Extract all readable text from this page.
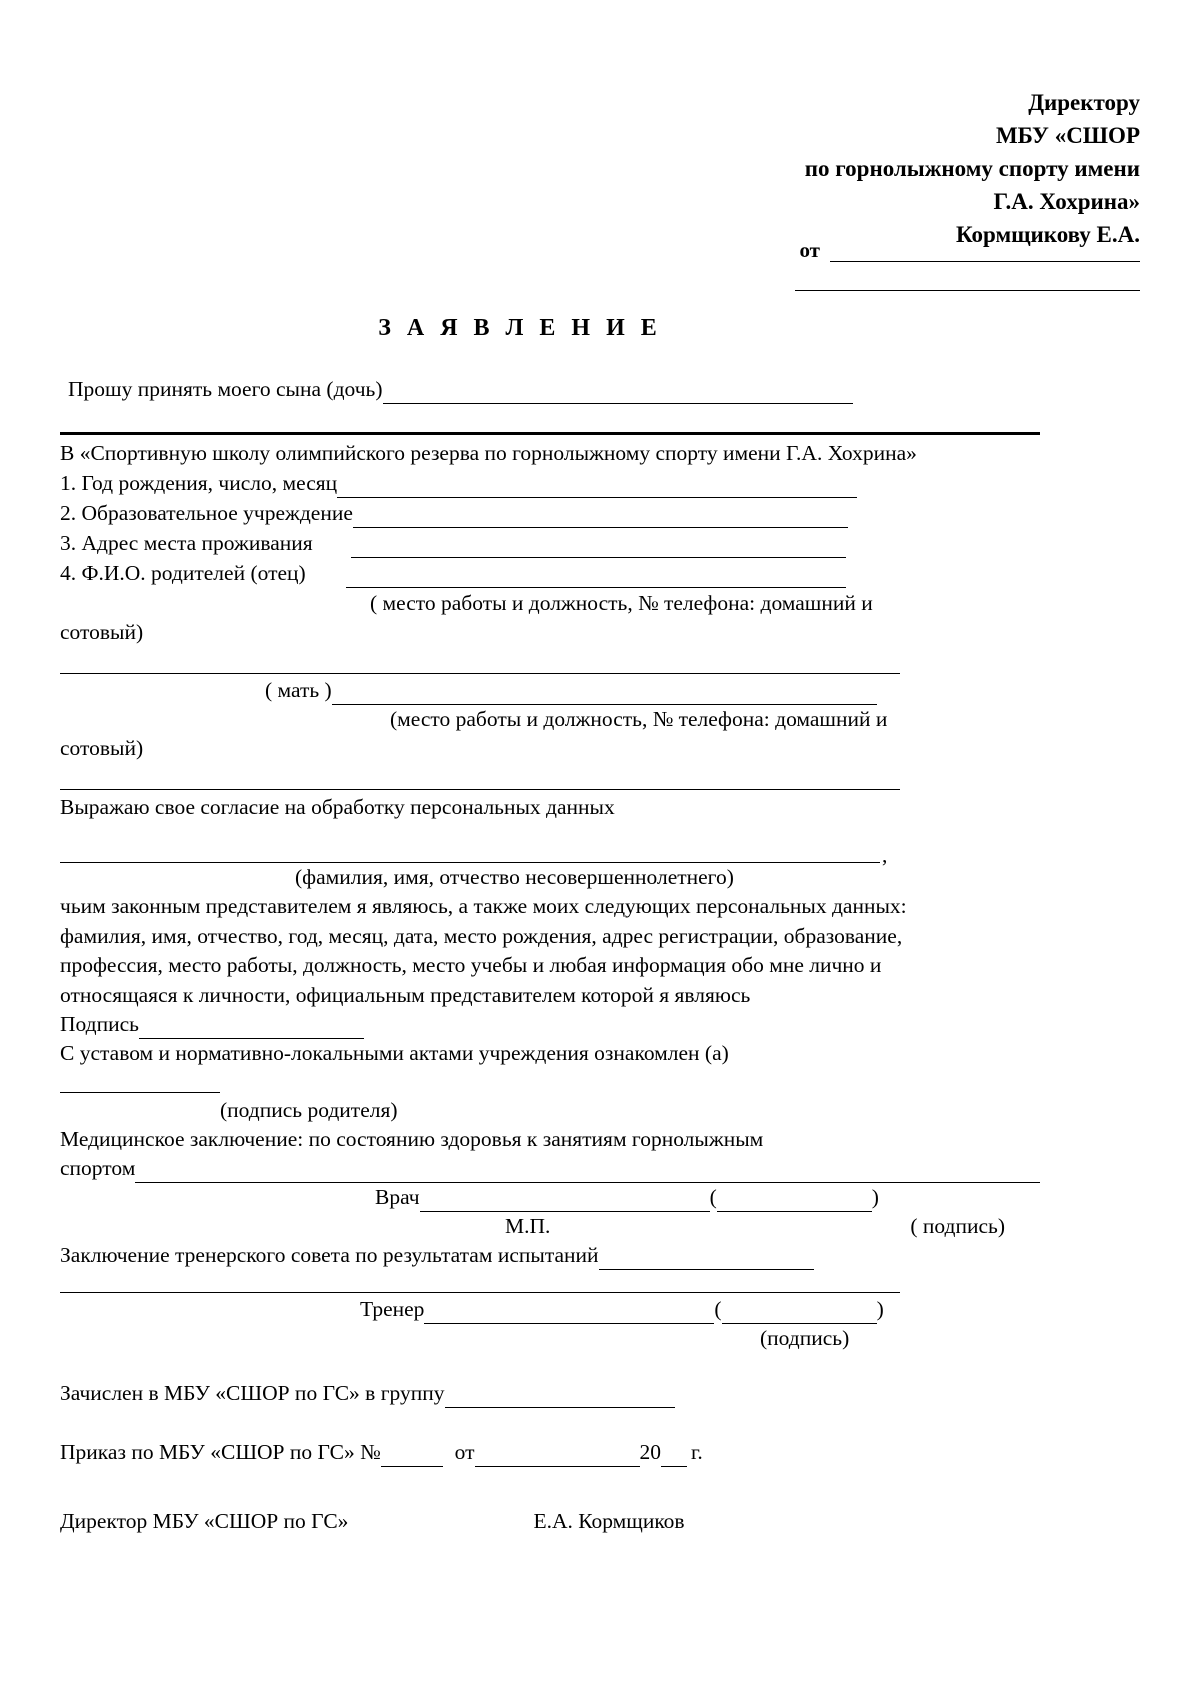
Директору
МБУ «СШОР
по горнолыжному спорту имени
Г.А. Хохрина»
Кормщикову Е.А.
от
З А Я В Л Е Н И Е
Прошу принять моего сына (дочь)
В «Спортивную школу олимпийского резерва по горнолыжному спорту имени Г.А. Хохрина»
1. Год рождения, число, месяц
2. Образовательное учреждение
3. Адрес места проживания
4. Ф.И.О. родителей (отец)
( место работы и должность, № телефона: домашний и
сотовый)
( мать )
(место работы и должность, № телефона: домашний и
сотовый)
Выражаю свое согласие на обработку персональных данных
,
(фамилия, имя, отчество несовершеннолетнего)
чьим законным представителем я являюсь, а также моих следующих персональных данных:
фамилия, имя, отчество, год, месяц, дата, место рождения, адрес регистрации, образование,
профессия, место работы, должность, место учебы и любая информация обо мне лично и
относящаяся к личности, официальным представителем которой я являюсь
Подпись
С уставом и нормативно-локальными актами учреждения ознакомлен (а)
(подпись родителя)
Медицинское заключение: по состоянию здоровья к занятиям горнолыжным
спортом
Врач	(	)
М.П.	( подпись)
Заключение тренерского совета по результатам испытаний
Тренер	(	)
(подпись)
Зачислен в МБУ «СШОР по ГС» в группу
Приказ по МБУ «СШОР по ГС» №	от	20 г.
Директор МБУ «СШОР по ГС»	Е.А. Кормщиков
